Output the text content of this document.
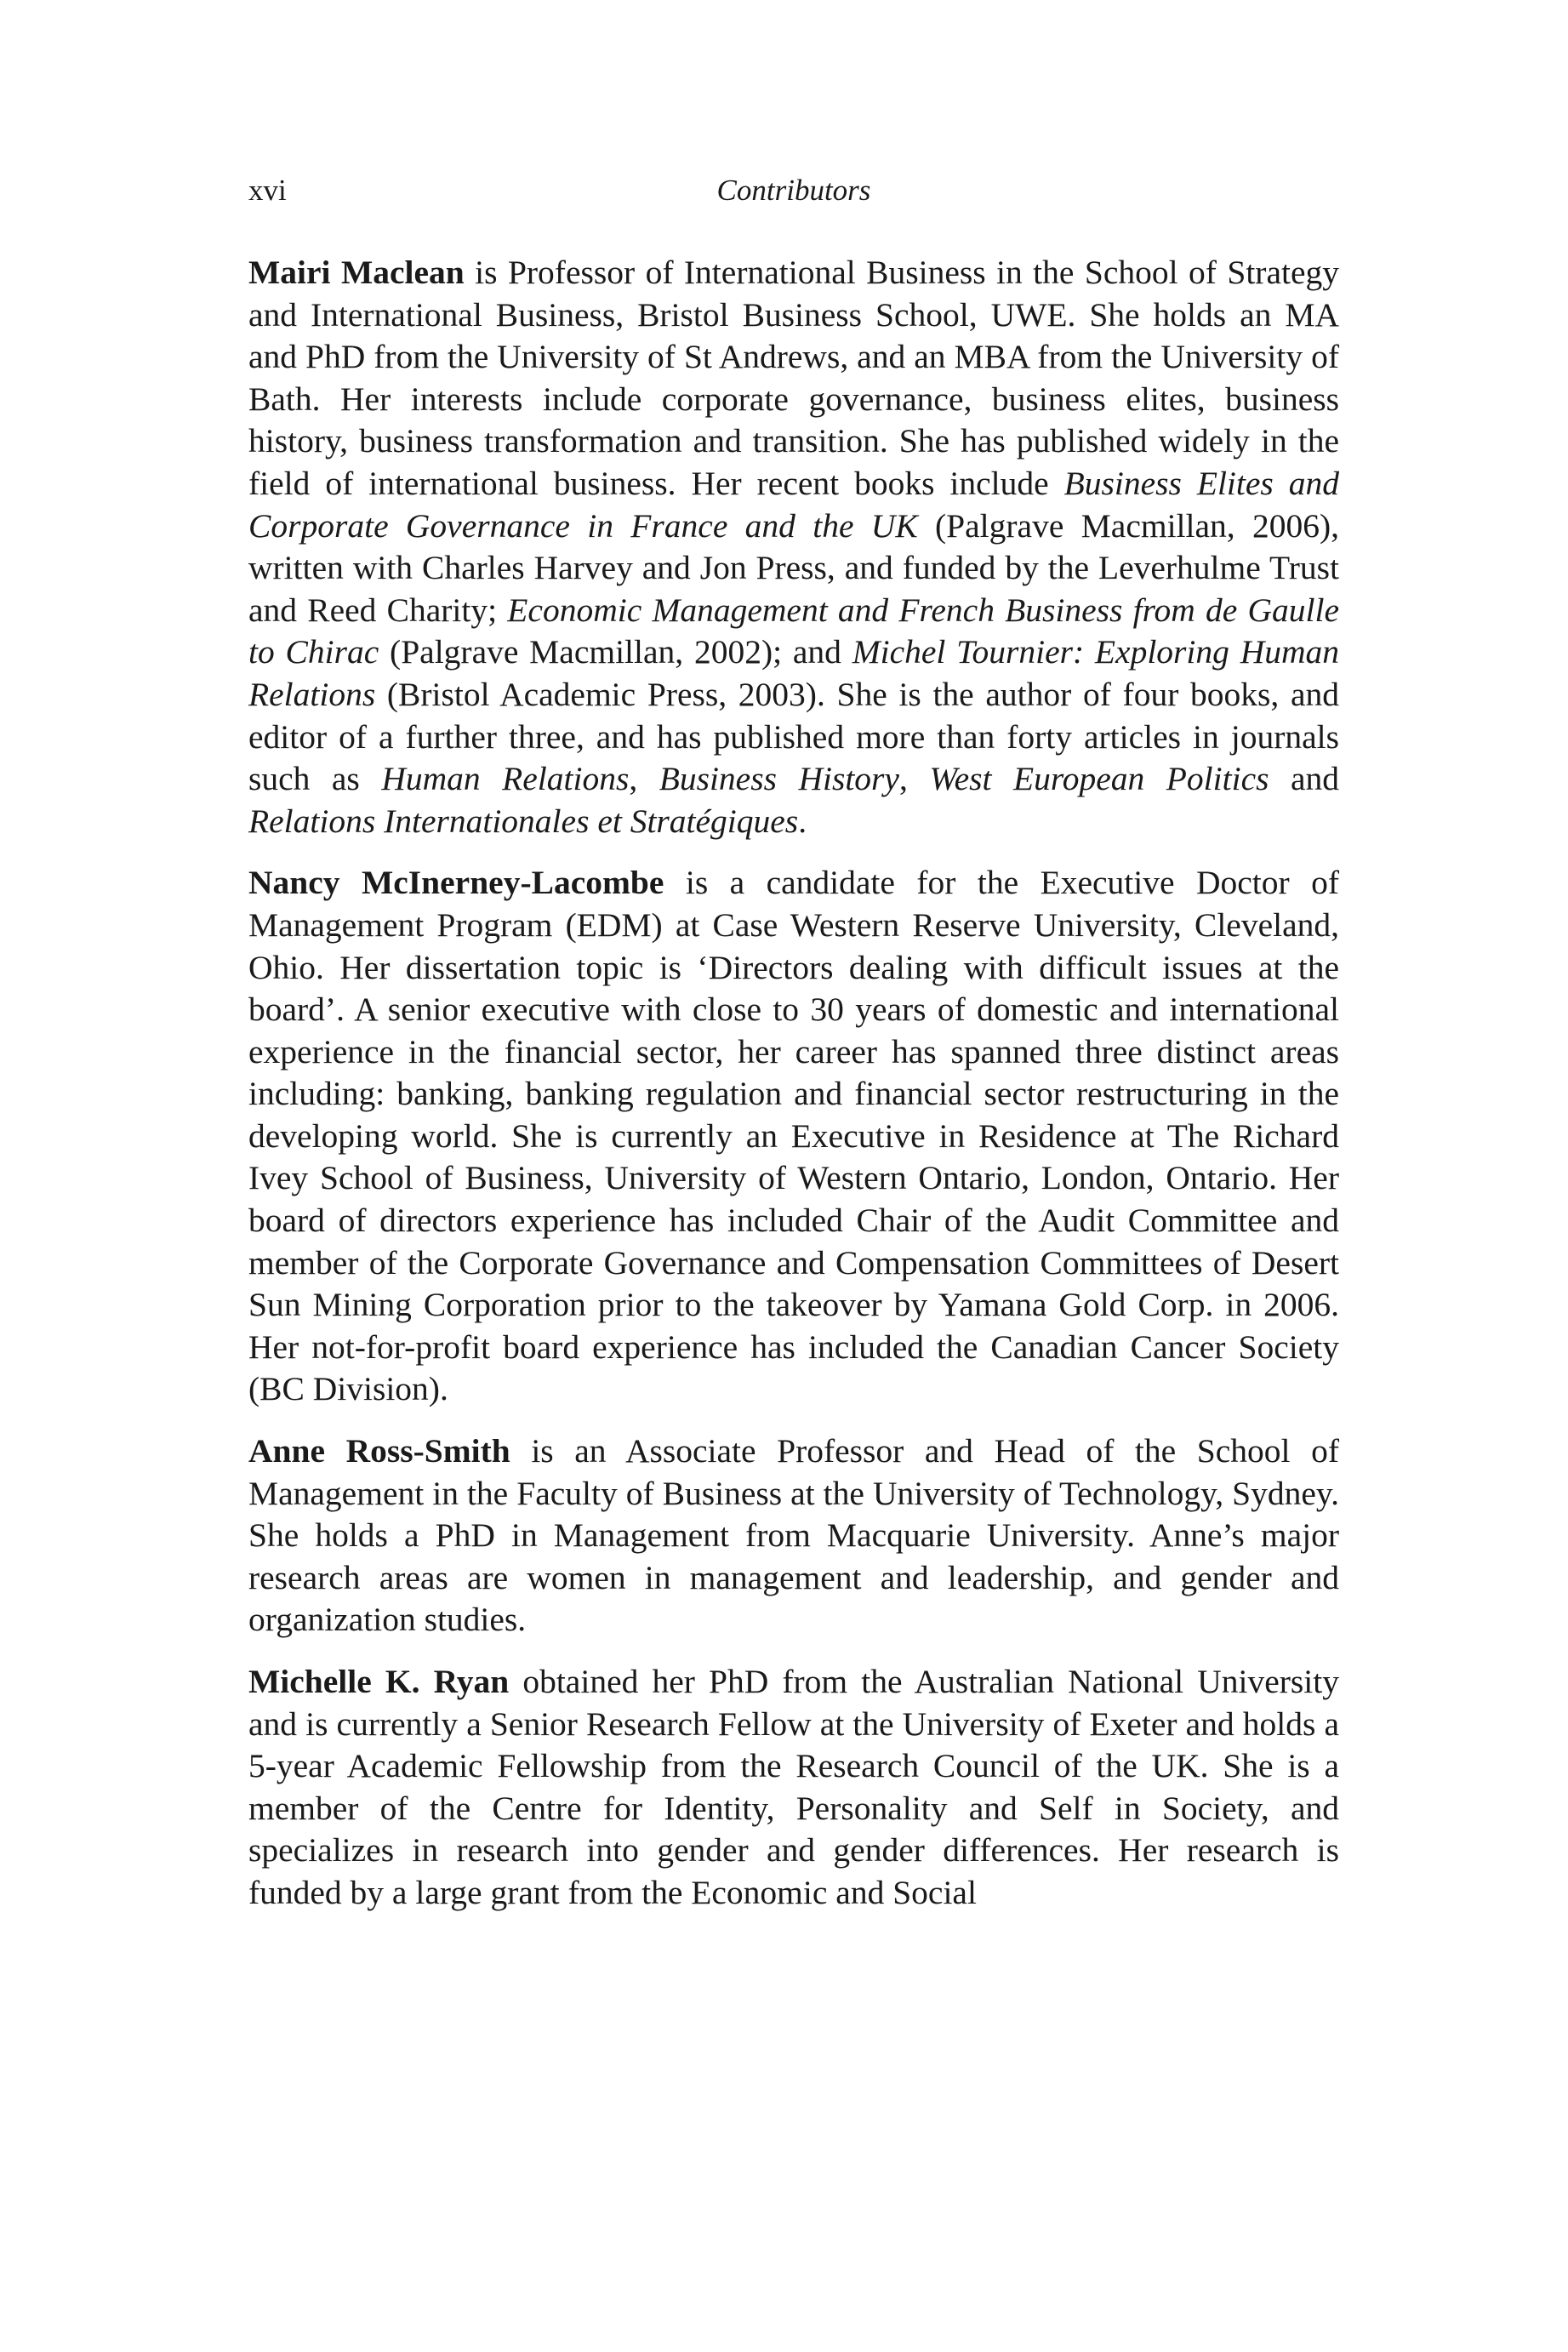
xvi	Contributors

Mairi Maclean is Professor of International Business in the School of Strategy and International Business, Bristol Business School, UWE. She holds an MA and PhD from the University of St Andrews, and an MBA from the University of Bath. Her interests include corporate governance, business elites, business history, business transformation and transition. She has published widely in the field of international business. Her recent books include Business Elites and Corporate Governance in France and the UK (Palgrave Macmillan, 2006), written with Charles Harvey and Jon Press, and funded by the Leverhulme Trust and Reed Charity; Economic Management and French Business from de Gaulle to Chirac (Palgrave Macmillan, 2002); and Michel Tournier: Exploring Human Relations (Bristol Academic Press, 2003). She is the author of four books, and editor of a further three, and has published more than forty articles in journals such as Human Relations, Business History, West European Politics and Relations Internationales et Stratégiques.

Nancy McInerney-Lacombe is a candidate for the Executive Doctor of Management Program (EDM) at Case Western Reserve University, Cleveland, Ohio. Her dissertation topic is ‘Directors dealing with difficult issues at the board’. A senior executive with close to 30 years of domestic and international experience in the financial sector, her career has spanned three distinct areas including: banking, banking regulation and financial sector restructuring in the developing world. She is currently an Executive in Residence at The Richard Ivey School of Business, University of Western Ontario, London, Ontario. Her board of directors experience has included Chair of the Audit Committee and member of the Corporate Governance and Compensation Committees of Desert Sun Mining Corporation prior to the takeover by Yamana Gold Corp. in 2006. Her not-for-profit board experience has included the Canadian Cancer Society (BC Division).

Anne Ross-Smith is an Associate Professor and Head of the School of Management in the Faculty of Business at the University of Technology, Sydney. She holds a PhD in Management from Macquarie University. Anne’s major research areas are women in management and leadership, and gender and organization studies.

Michelle K. Ryan obtained her PhD from the Australian National University and is currently a Senior Research Fellow at the University of Exeter and holds a 5-year Academic Fellowship from the Research Council of the UK. She is a member of the Centre for Identity, Personality and Self in Society, and specializes in research into gender and gender differences. Her research is funded by a large grant from the Economic and Social
